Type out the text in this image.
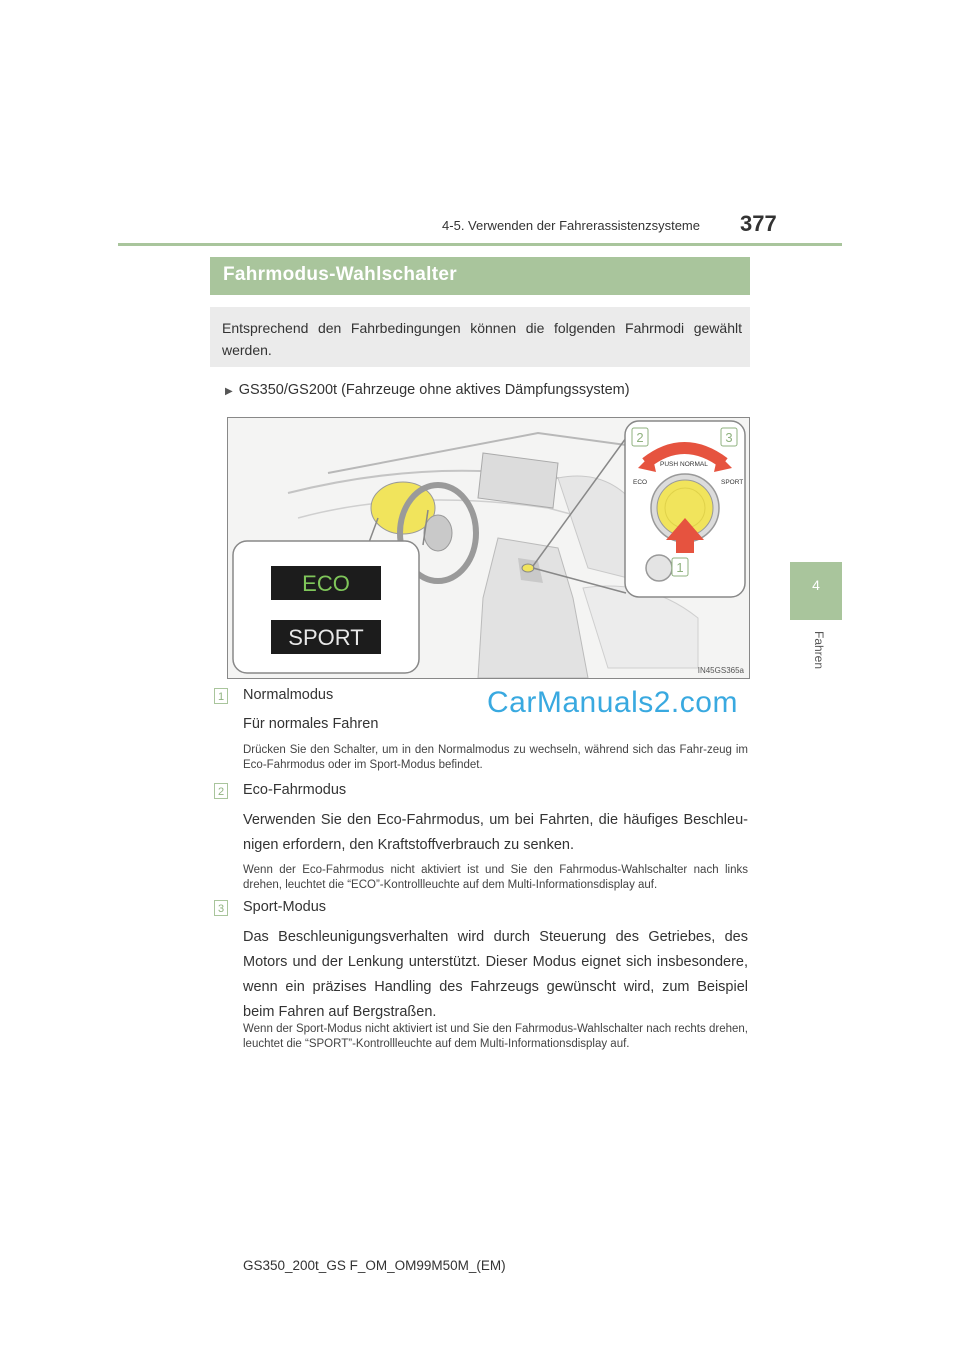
4-5. Verwenden der Fahrerassistenzsysteme 377
4
Fahren
Fahrmodus-Wahlschalter
Entsprechend den Fahrbedingungen können die folgenden Fahrmodi gewählt werden.
▶ GS350/GS200t (Fahrzeuge ohne aktives Dämpfungssystem)
ECO
SPORT
PUSH NORMAL
ECO	SPORT
2	3
1
IN45GS365a
1 Normalmodus
Für normales Fahren
Drücken Sie den Schalter, um in den Normalmodus zu wechseln, während sich das Fahr-zeug im Eco-Fahrmodus oder im Sport-Modus befindet.
CarManuals2.com
2 Eco-Fahrmodus
Verwenden Sie den Eco-Fahrmodus, um bei Fahrten, die häufiges Beschleu-nigen erfordern, den Kraftstoffverbrauch zu senken.
Wenn der Eco-Fahrmodus nicht aktiviert ist und Sie den Fahrmodus-Wahlschalter nach links drehen, leuchtet die “ECO”-Kontrollleuchte auf dem Multi-Informationsdisplay auf.
3 Sport-Modus
Das Beschleunigungsverhalten wird durch Steuerung des Getriebes, des Motors und der Lenkung unterstützt. Dieser Modus eignet sich insbesondere, wenn ein präzises Handling des Fahrzeugs gewünscht wird, zum Beispiel beim Fahren auf Bergstraßen.
Wenn der Sport-Modus nicht aktiviert ist und Sie den Fahrmodus-Wahlschalter nach rechts drehen, leuchtet die “SPORT”-Kontrollleuchte auf dem Multi-Informationsdisplay auf.
GS350_200t_GS F_OM_OM99M50M_(EM)
